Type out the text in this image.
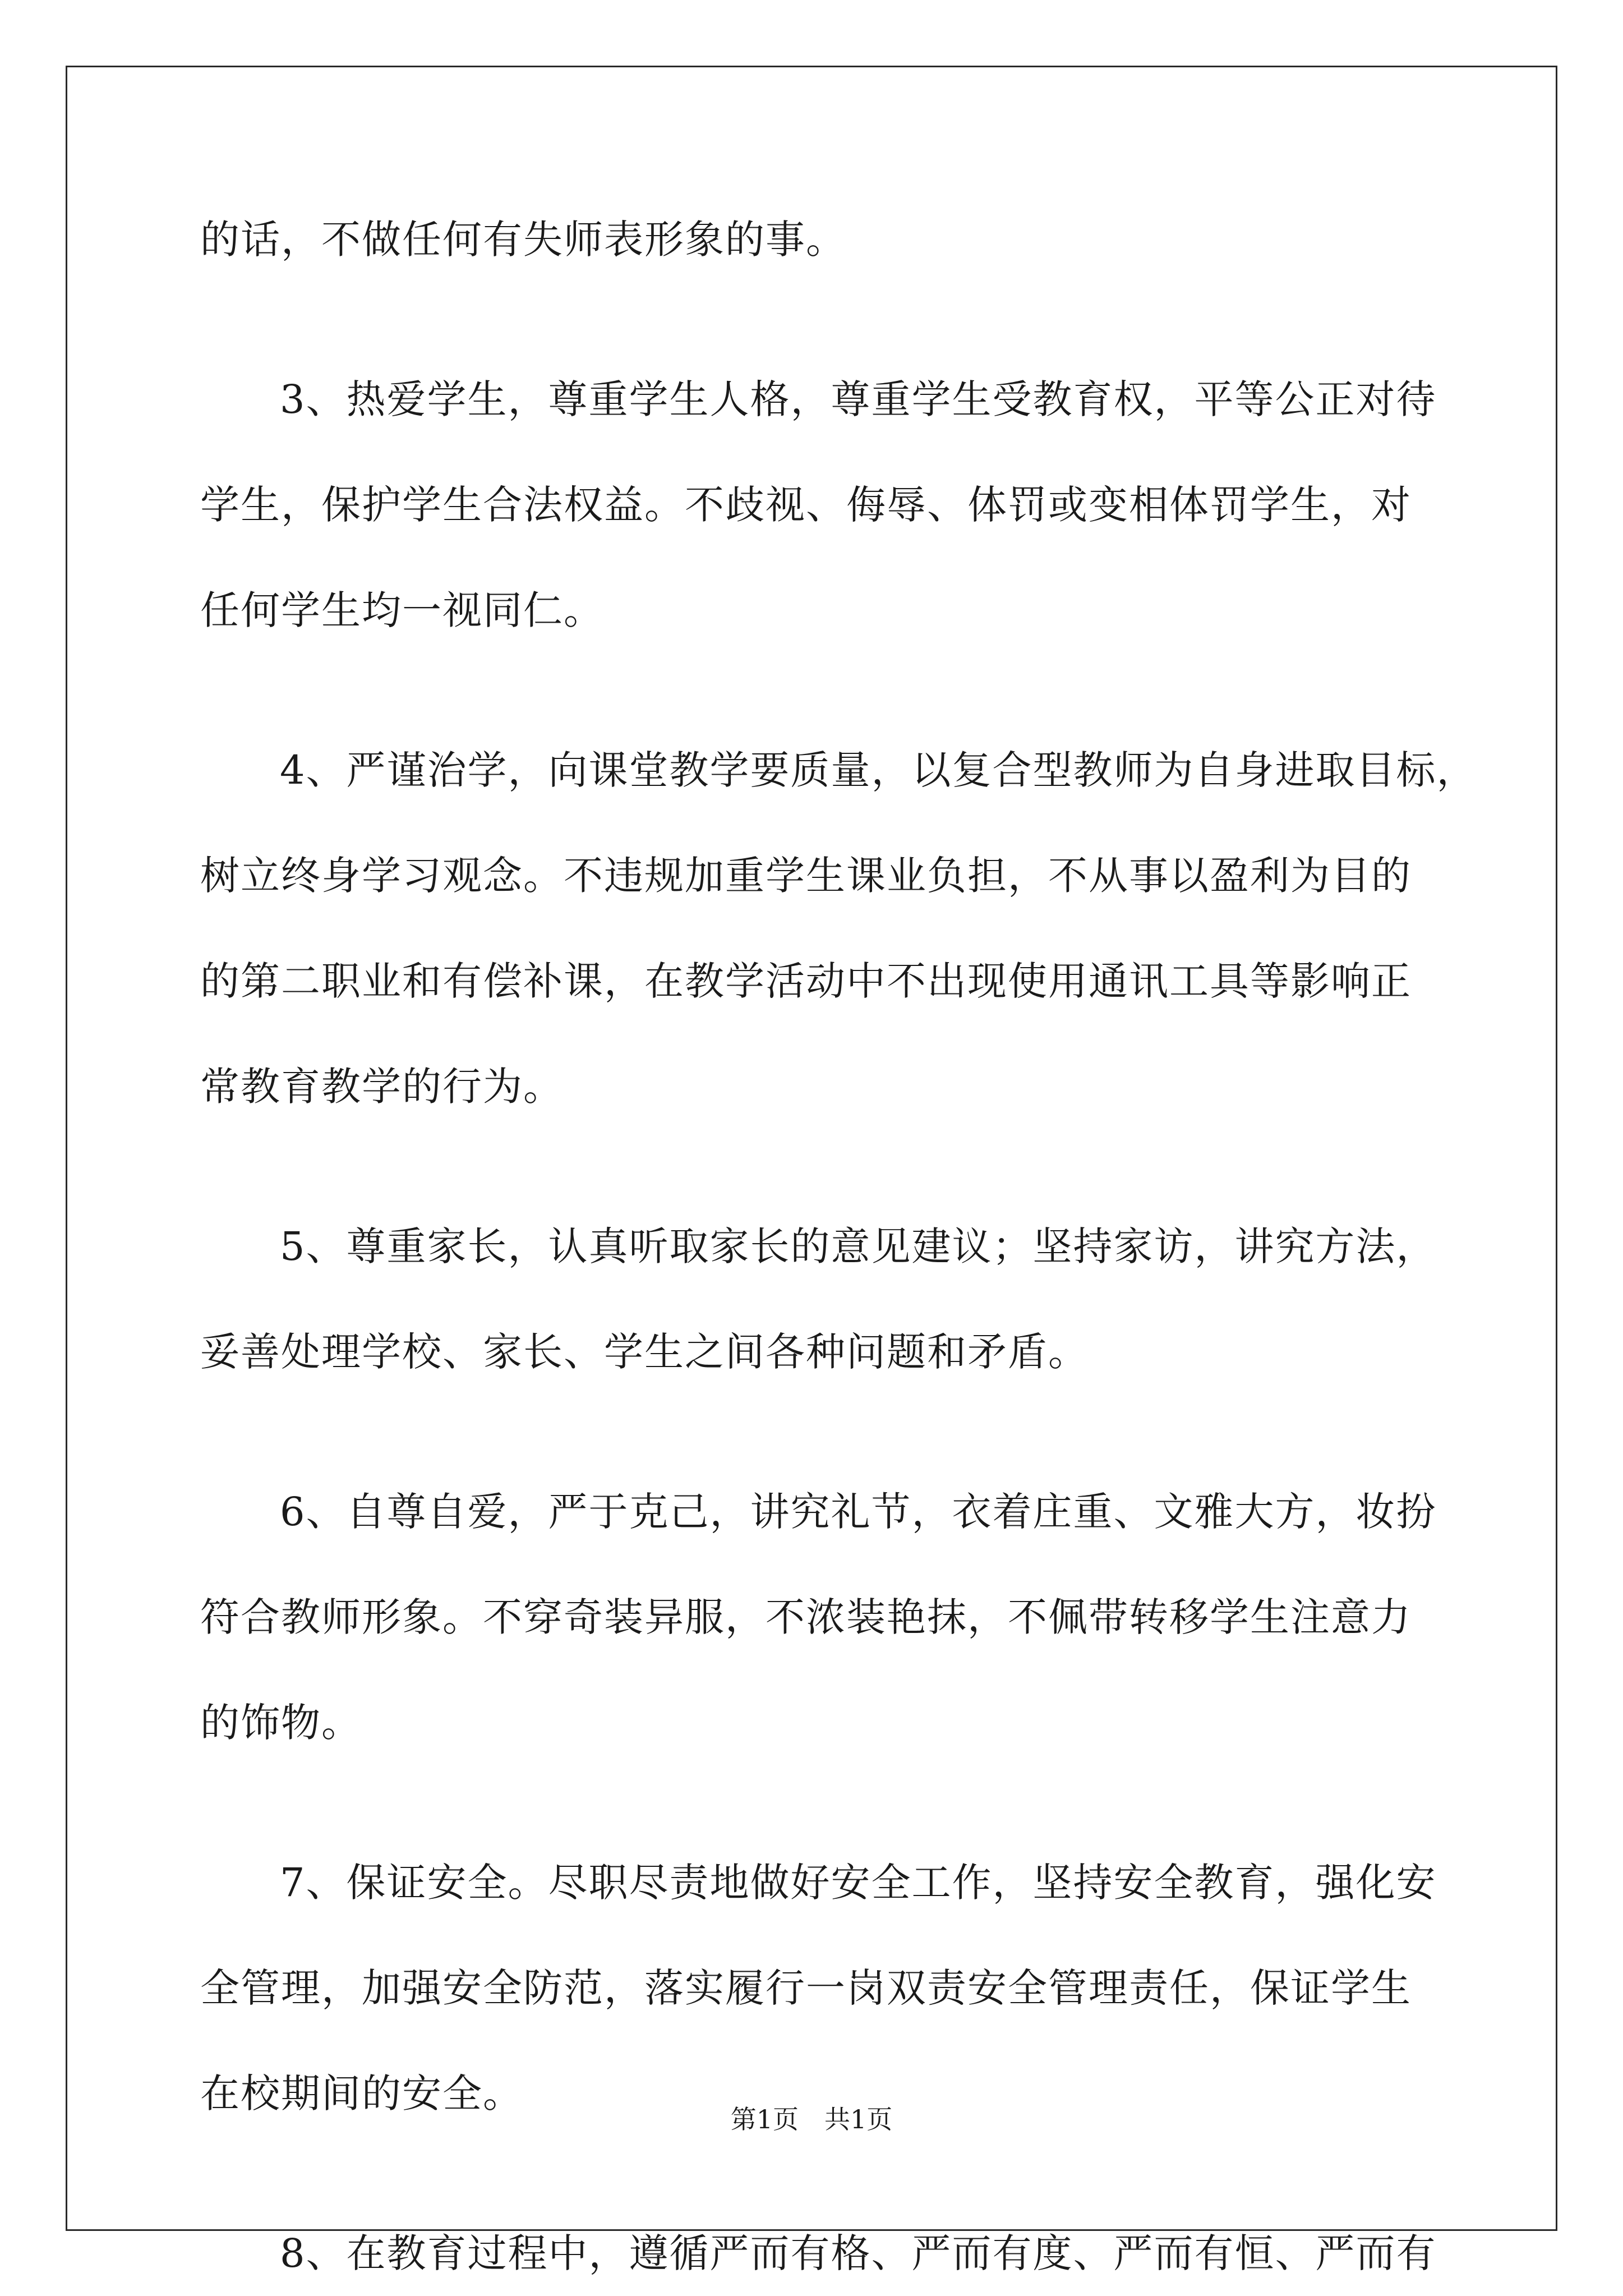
的话，不做任何有失师表形象的事。
3、热爱学生，尊重学生人格，尊重学生受教育权，平等公正对待
学生，保护学生合法权益。不歧视、侮辱、体罚或变相体罚学生，对
任何学生均一视同仁。
4、严谨治学，向课堂教学要质量，以复合型教师为自身进取目标，
树立终身学习观念。不违规加重学生课业负担，不从事以盈利为目的
的第二职业和有偿补课，在教学活动中不出现使用通讯工具等影响正
常教育教学的行为。
5、尊重家长，认真听取家长的意见建议；坚持家访，讲究方法，
妥善处理学校、家长、学生之间各种问题和矛盾。
6、自尊自爱，严于克己，讲究礼节，衣着庄重、文雅大方，妆扮
符合教师形象。不穿奇装异服，不浓装艳抹，不佩带转移学生注意力
的饰物。
7、保证安全。尽职尽责地做好安全工作，坚持安全教育，强化安
全管理，加强安全防范，落实履行一岗双责安全管理责任，保证学生
在校期间的安全。
8、在教育过程中，遵循严而有格、严而有度、严而有恒、严而有
第1页　共1页
